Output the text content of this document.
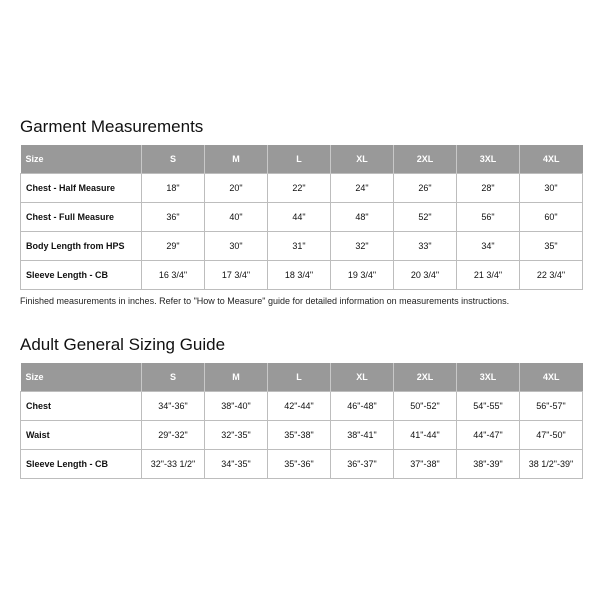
Garment Measurements
Size	S	M	L	XL	2XL	3XL	4XL
Chest - Half Measure	18"	20"	22"	24"	26"	28"	30"
Chest - Full Measure	36"	40"	44"	48"	52"	56"	60"
Body Length from HPS	29"	30"	31"	32"	33"	34"	35"
Sleeve Length - CB	16 3/4"	17 3/4"	18 3/4"	19 3/4"	20 3/4"	21 3/4"	22 3/4"
Finished measurements in inches. Refer to "How to Measure" guide for detailed information on measurements instructions.
Adult General Sizing Guide
Size	S	M	L	XL	2XL	3XL	4XL
Chest	34"-36"	38"-40"	42"-44"	46"-48"	50"-52"	54"-55"	56"-57"
Waist	29"-32"	32"-35"	35"-38"	38"-41"	41"-44"	44"-47"	47"-50"
Sleeve Length - CB	32"-33 1/2"	34"-35"	35"-36"	36"-37"	37"-38"	38"-39"	38 1/2"-39"
